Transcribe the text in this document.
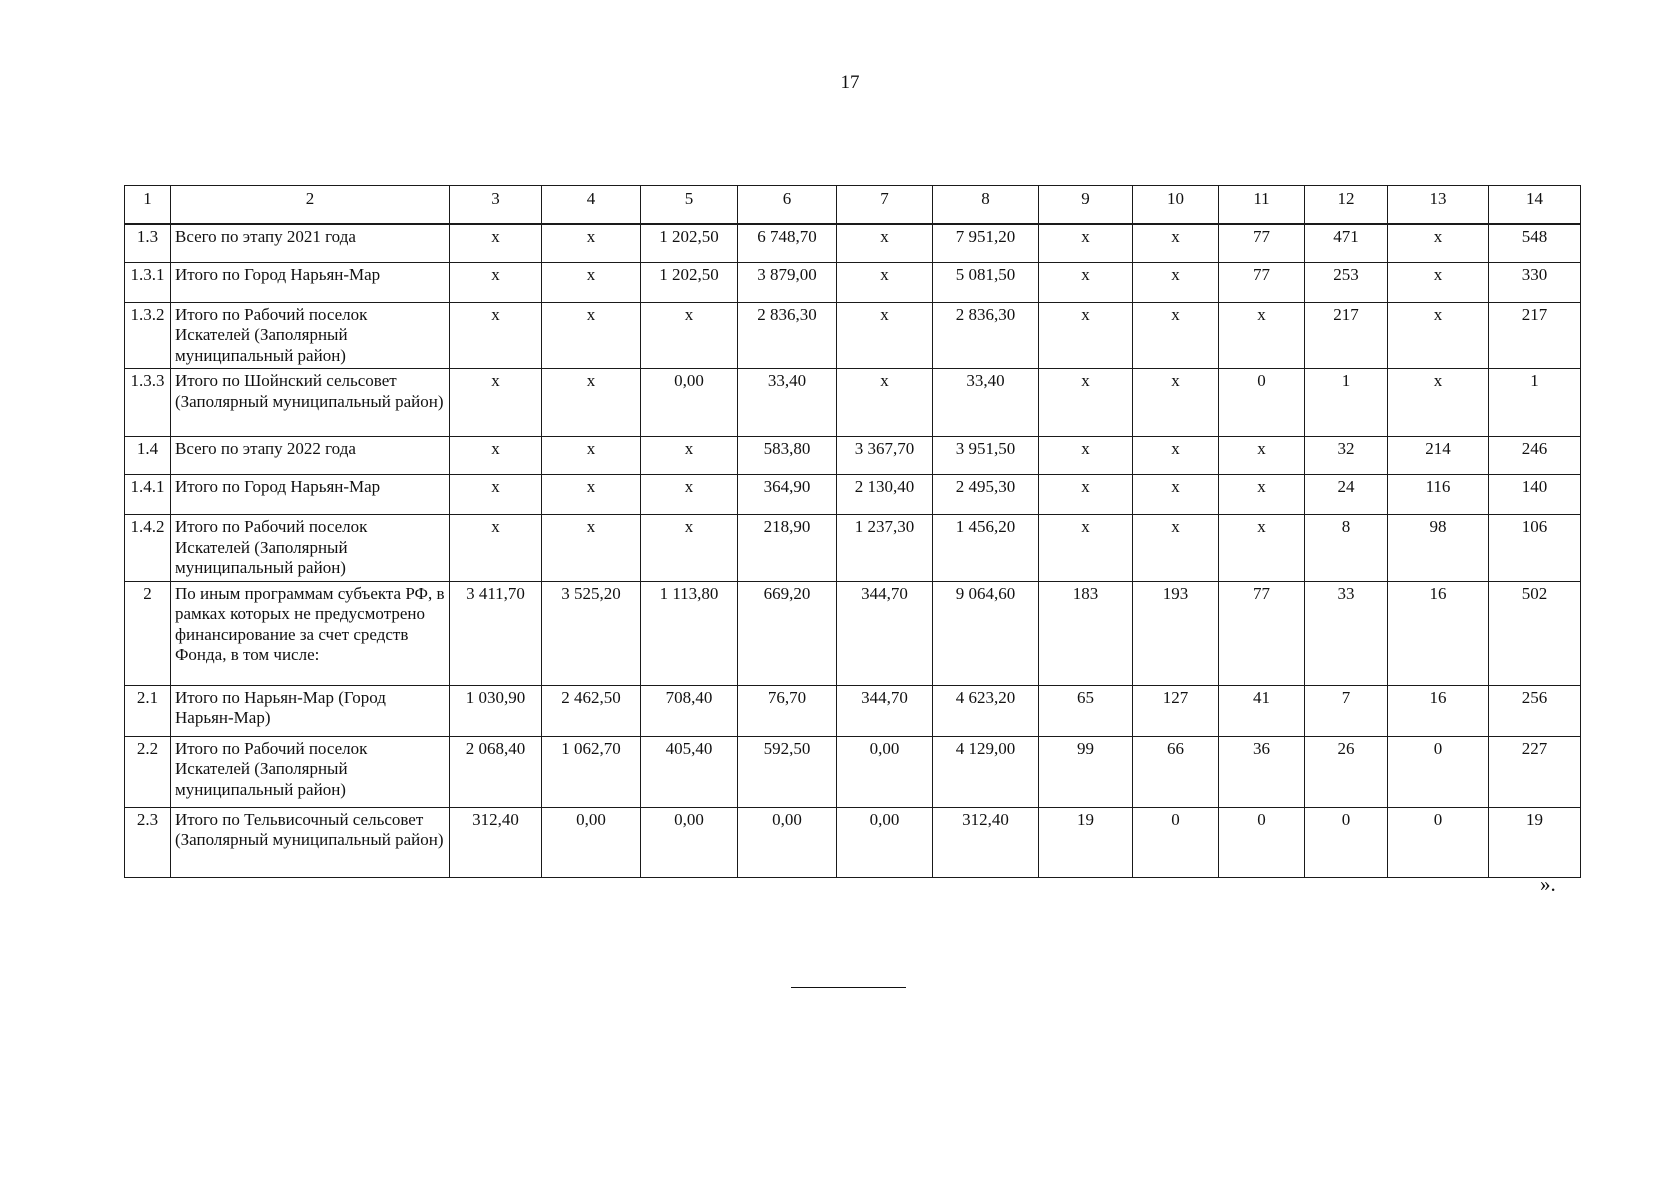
17
1	2	3	4	5	6	7	8	9	10	11	12	13	14
1.3	Всего по этапу 2021 года	х	х	1 202,50	6 748,70	х	7 951,20	х	х	77	471	х	548
1.3.1	Итого по Город Нарьян-Мар	х	х	1 202,50	3 879,00	х	5 081,50	х	х	77	253	х	330
1.3.2	Итого по Рабочий поселок Искателей (Заполярный муниципальный район)	х	х	х	2 836,30	х	2 836,30	х	х	х	217	х	217
1.3.3	Итого по Шойнский сельсовет (Заполярный муниципальный район)	х	х	0,00	33,40	х	33,40	х	х	0	1	х	1
1.4	Всего по этапу 2022 года	х	х	х	583,80	3 367,70	3 951,50	х	х	х	32	214	246
1.4.1	Итого по Город Нарьян-Мар	х	х	х	364,90	2 130,40	2 495,30	х	х	х	24	116	140
1.4.2	Итого по Рабочий поселок Искателей (Заполярный муниципальный район)	х	х	х	218,90	1 237,30	1 456,20	х	х	х	8	98	106
2	По иным программам субъекта РФ, в рамках которых не предусмотрено финансирование за счет средств Фонда, в том числе:	3 411,70	3 525,20	1 113,80	669,20	344,70	9 064,60	183	193	77	33	16	502
2.1	Итого по Нарьян-Мар (Город Нарьян-Мар)	1 030,90	2 462,50	708,40	76,70	344,70	4 623,20	65	127	41	7	16	256
2.2	Итого по Рабочий поселок Искателей (Заполярный муниципальный район)	2 068,40	1 062,70	405,40	592,50	0,00	4 129,00	99	66	36	26	0	227
2.3	Итого по Тельвисочный сельсовет (Заполярный муниципальный район)	312,40	0,00	0,00	0,00	0,00	312,40	19	0	0	0	0	19
».
